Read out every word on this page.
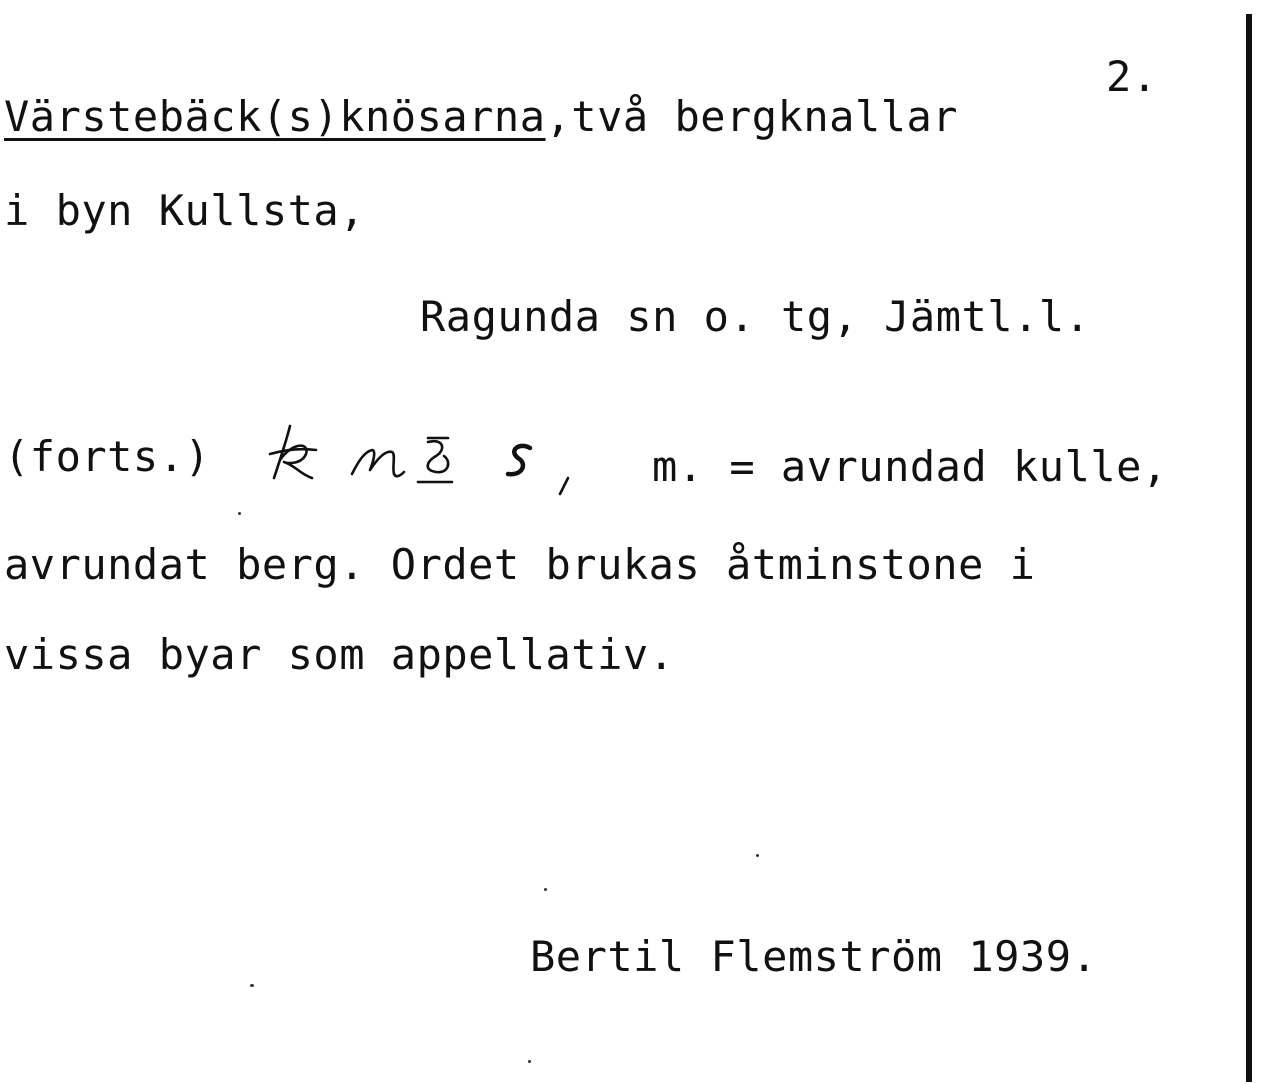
2.
Värstebäck(s)knösarna,två bergknallar
i byn Kullsta,
Ragunda sn o. tg, Jämtl.l.
(forts.)	m. = avrundad kulle,
avrundat berg. Ordet brukas åtminstone i
vissa byar som appellativ.
Bertil Flemström 1939.
